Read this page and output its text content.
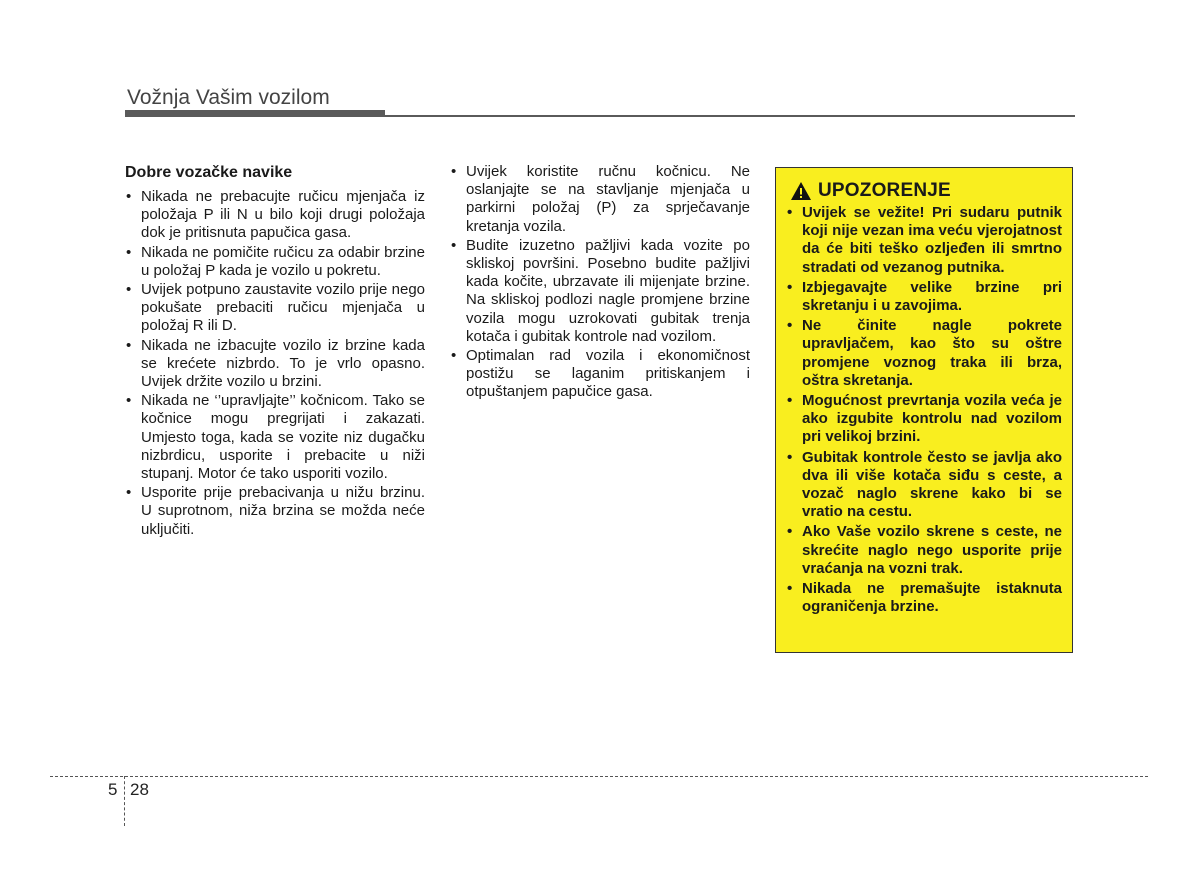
Vožnja Vašim vozilom
Dobre vozačke navike
• Nikada ne prebacujte ručicu mjenjača iz položaja P ili N u bilo koji drugi položaja dok je pritisnuta papučica gasa.
• Nikada ne pomičite ručicu za odabir brzine u položaj P kada je vozilo u pokretu.
• Uvijek potpuno zaustavite vozilo prije nego pokušate prebaciti ručicu mjenjača u položaj R ili D.
• Nikada ne izbacujte vozilo iz brzine kada se krećete nizbrdo. To je vrlo opasno. Uvijek držite vozilo u brzini.
• Nikada ne ‘’upravljajte’’ kočnicom. Tako se kočnice mogu pregrijati i zakazati. Umjesto toga, kada se vozite niz dugačku nizbrdicu, usporite i prebacite u niži stupanj. Motor će tako usporiti vozilo.
• Usporite prije prebacivanja u nižu brzinu. U suprotnom, niža brzina se možda neće uključiti.
• Uvijek koristite ručnu kočnicu. Ne oslanjajte se na stavljanje mjenjača u parkirni položaj (P) za sprječavanje kretanja vozila.
• Budite izuzetno pažljivi kada vozite po skliskoj površini. Posebno budite pažljivi kada kočite, ubrzavate ili mijenjate brzine. Na skliskoj podlozi nagle promjene brzine vozila mogu uzrokovati gubitak trenja kotača i gubitak kontrole nad vozilom.
• Optimalan rad vozila i ekonomičnost postižu se laganim pritiskanjem i otpuštanjem papučice gasa.
UPOZORENJE
• Uvijek se vežite! Pri sudaru putnik koji nije vezan ima veću vjerojatnost da će biti teško ozljeđen ili smrtno stradati od vezanog putnika.
• Izbjegavajte velike brzine pri skretanju i u zavojima.
• Ne činite nagle pokrete upravljačem, kao što su oštre promjene voznog traka ili brza, oštra skretanja.
• Mogućnost prevrtanja vozila veća je ako izgubite kontrolu nad vozilom pri velikoj brzini.
• Gubitak kontrole često se javlja ako dva ili više kotača siđu s ceste, a vozač naglo skrene kako bi se vratio na cestu.
• Ako Vaše vozilo skrene s ceste, ne skrećite naglo nego usporite prije vraćanja na vozni trak.
• Nikada ne premašujte istaknuta ograničenja brzine.
5 28
